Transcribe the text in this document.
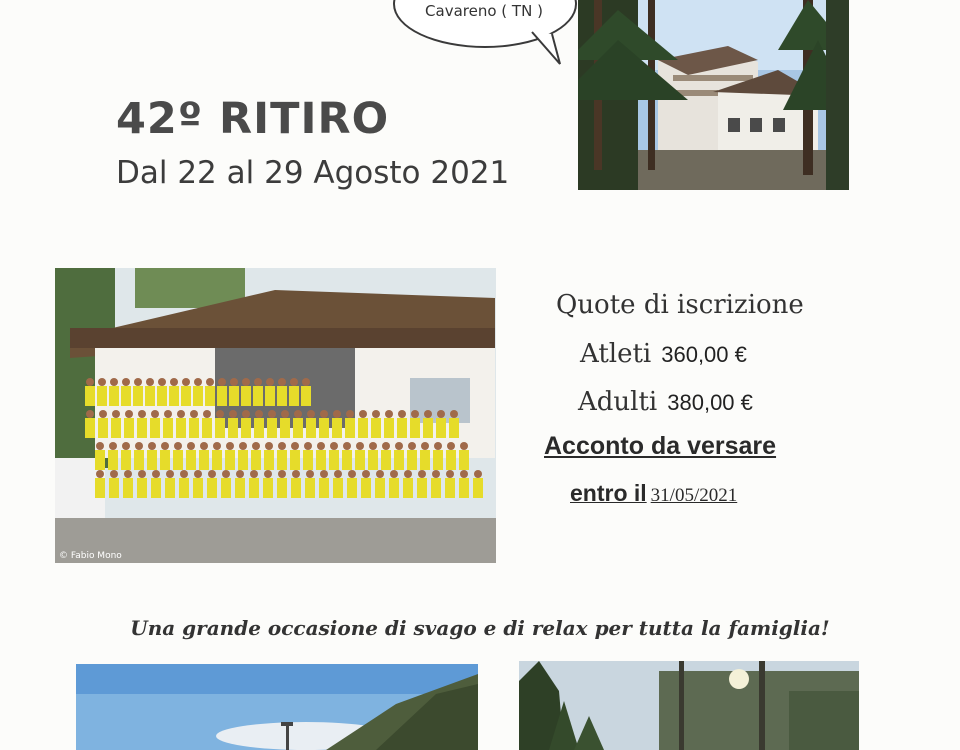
Cavareno ( TN )
42º RITIRO
Dal 22 al 29 Agosto 2021
© Fabio Mono
Quote di iscrizione
Atleti 360,00 €
Adulti 380,00 €
Acconto da versare
entro il 31/05/2021
Una grande occasione di svago e di relax per tutta la famiglia!
